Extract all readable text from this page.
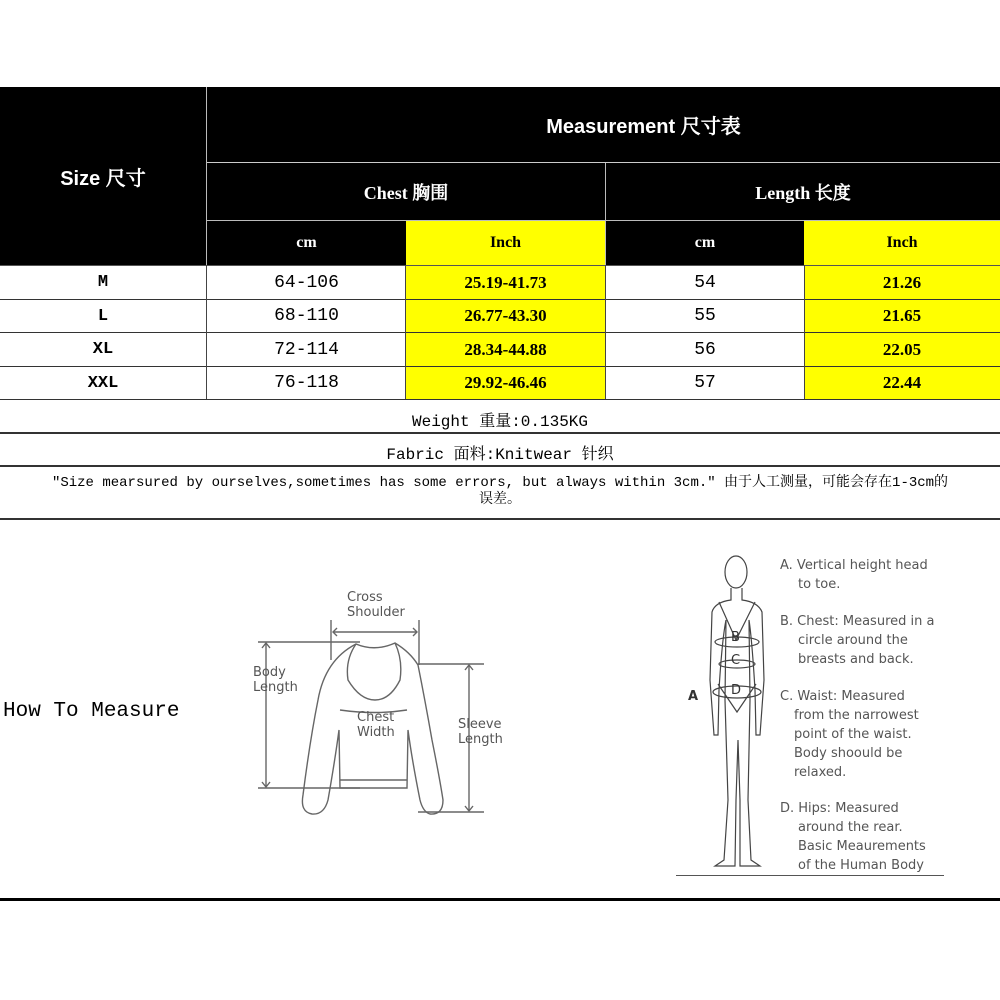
Size 尺寸
Measurement 尺寸表
Chest 胸围	Length 长度
cm	Inch	cm	Inch
M	64-106	25.19-41.73	54	21.26
L	68-110	26.77-43.30	55	21.65
XL	72-114	28.34-44.88	56	22.05
XXL	76-118	29.92-46.46	57	22.44
Weight 重量:0.135KG
Fabric 面料:Knitwear 针织
"Size mearsured by ourselves,sometimes has some errors, but always within 3cm." 由于人工测量，可能会存在1-3cm的
误差。
How To Measure
Cross
Shoulder
Body
Length
Chest
Width
Sleeve
Length
B
C
D
A
A. Vertical height head
to toe.
B. Chest: Measured in a
circle around the
breasts and back.
C. Waist: Measured
from the narrowest
point of the waist.
Body shoould be
relaxed.
D. Hips: Measured
around the rear.
Basic Meaurements
of the Human Body
